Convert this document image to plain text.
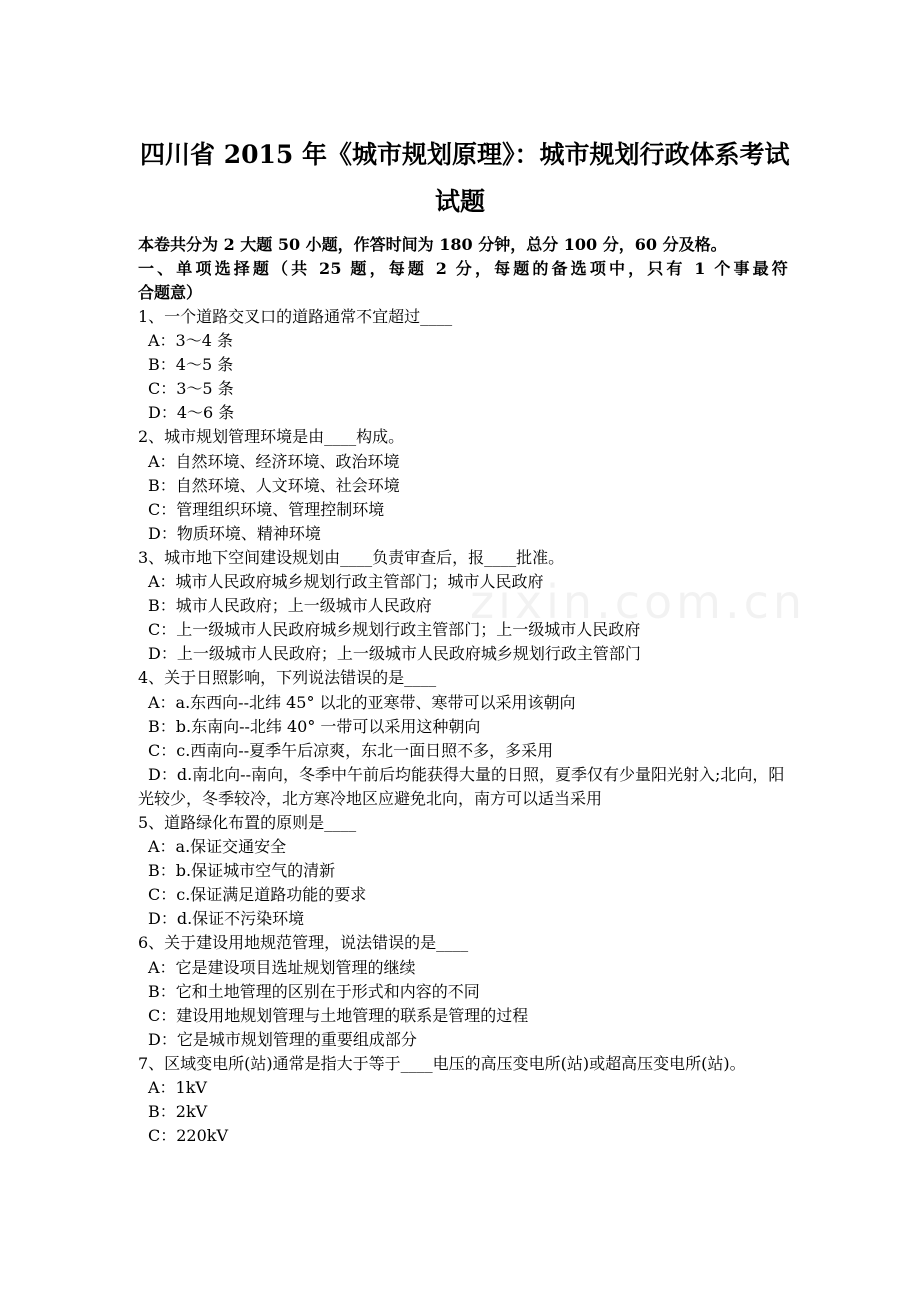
四川省 2015 年《城市规划原理》：城市规划行政体系考试
试题
本卷共分为 2 大题 50 小题，作答时间为 180 分钟，总分 100 分，60 分及格。
一、单项选择题（共 25 题，每题 2 分，每题的备选项中，只有 1 个事最符
合题意）
zixin.com.cn
1、一个道路交叉口的道路通常不宜超过____
A：3～4 条
B：4～5 条
C：3～5 条
D：4～6 条
2、城市规划管理环境是由____构成。
A：自然环境、经济环境、政治环境
B：自然环境、人文环境、社会环境
C：管理组织环境、管理控制环境
D：物质环境、精神环境
3、城市地下空间建设规划由____负责审查后，报____批准。
A：城市人民政府城乡规划行政主管部门；城市人民政府
B：城市人民政府；上一级城市人民政府
C：上一级城市人民政府城乡规划行政主管部门；上一级城市人民政府
D：上一级城市人民政府；上一级城市人民政府城乡规划行政主管部门
4、关于日照影响，下列说法错误的是____
A：a.东西向--北纬 45° 以北的亚寒带、寒带可以采用该朝向
B：b.东南向--北纬 40° 一带可以采用这种朝向
C：c.西南向--夏季午后凉爽，东北一面日照不多，多采用
D：d.南北向--南向，冬季中午前后均能获得大量的日照，夏季仅有少量阳光射入;北向，阳光较少，冬季较冷，北方寒冷地区应避免北向，南方可以适当采用
5、道路绿化布置的原则是____
A：a.保证交通安全
B：b.保证城市空气的清新
C：c.保证满足道路功能的要求
D：d.保证不污染环境
6、关于建设用地规范管理，说法错误的是____
A：它是建设项目选址规划管理的继续
B：它和土地管理的区别在于形式和内容的不同
C：建设用地规划管理与土地管理的联系是管理的过程
D：它是城市规划管理的重要组成部分
7、区域变电所(站)通常是指大于等于____电压的高压变电所(站)或超高压变电所(站)。
A：1kV
B：2kV
C：220kV
